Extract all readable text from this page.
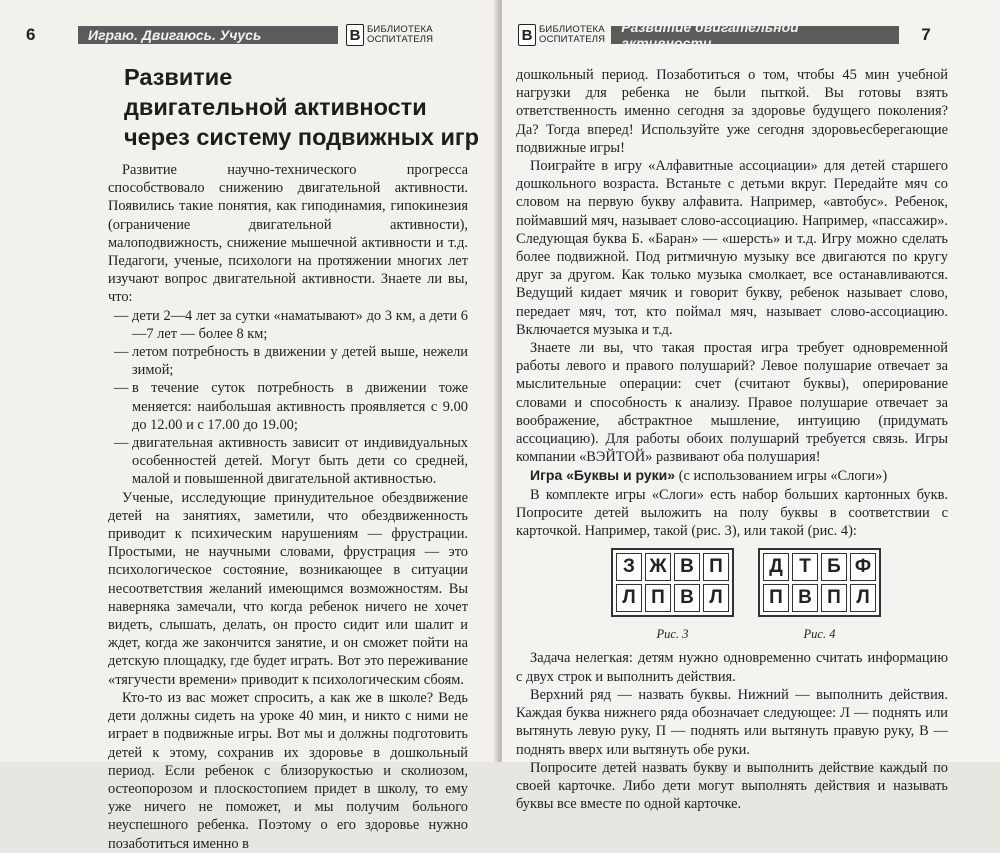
6	Играю. Двигаюсь. Учусь	В БИБЛИОТЕКА
ОСПИТАТЕЛЯ
Развитие
двигательной активности
через систему подвижных игр

Развитие научно-технического прогресса способствовало снижению двигательной активности. Появились такие понятия, как гиподинамия, гипокинезия (ограничение двигательной активности), малоподвижность, снижение мышечной активности и т.д. Педагоги, ученые, психологи на протяжении многих лет изучают вопрос двигательной активности. Знаете ли вы, что:

— дети 2—4 лет за сутки «наматывают» до 3 км, а дети 6—7 лет — более 8 км;
— летом потребность в движении у детей выше, нежели зимой;
— в течение суток потребность в движении тоже меняется: наибольшая активность проявляется с 9.00 до 12.00 и с 17.00 до 19.00;
— двигательная активность зависит от индивидуальных особенностей детей. Могут быть дети со средней, малой и повышенной двигательной активностью.

Ученые, исследующие принудительное обездвижение детей на занятиях, заметили, что обездвиженность приводит к психическим нарушениям — фрустрации. Простыми, не научными словами, фрустрация — это психологическое состояние, возникающее в ситуации несоответствия желаний имеющимся возможностям. Вы наверняка замечали, что когда ребенок ничего не хочет видеть, слышать, делать, он просто сидит или шалит и ждет, когда же закончится занятие, и он сможет пойти на детскую площадку, где будет играть. Вот это переживание «тягучести времени» приводит к психологическим сбоям.

Кто-то из вас может спросить, а как же в школе? Ведь дети должны сидеть на уроке 40 мин, и никто с ними не играет в подвижные игры. Вот мы и должны подготовить детей к этому, сохранив их здоровье в дошкольный период. Если ребенок с близорукостью и сколиозом, остеопорозом и плоскостопием придет в школу, то ему уже ничего не поможет, и мы получим больного неуспешного ребенка. Поэтому о его здоровье нужно позаботиться именно в

В БИБЛИОТЕКА
ОСПИТАТЕЛЯ
Развитие двигательной активности	7

дошкольный период. Позаботиться о том, чтобы 45 мин учебной нагрузки для ребенка не были пыткой. Вы готовы взять ответственность именно сегодня за здоровье будущего поколения? Да? Тогда вперед! Используйте уже сегодня здоровьесберегающие подвижные игры!

Поиграйте в игру «Алфавитные ассоциации» для детей старшего дошкольного возраста. Встаньте с детьми вкруг. Передайте мяч со словом на первую букву алфавита. Например, «автобус». Ребенок, поймавший мяч, называет слово-ассоциацию. Например, «пассажир». Следующая буква Б. «Баран» — «шерсть» и т.д. Игру можно сделать более подвижной. Под ритмичную музыку все двигаются по кругу друг за другом. Как только музыка смолкает, все останавливаются. Ведущий кидает мячик и говорит букву, ребенок называет слово, передает мяч, тот, кто поймал мяч, называет слово-ассоциацию. Включается музыка и т.д.

Знаете ли вы, что такая простая игра требует одновременной работы левого и правого полушарий? Левое полушарие отвечает за мыслительные операции: счет (считают буквы), оперирование словами и способность к анализу. Правое полушарие отвечает за воображение, абстрактное мышление, интуицию (придумать ассоциацию). Для работы обоих полушарий требуется связь. Игры компании «ВЭЙТОЙ» развивают оба полушария!

Игра «Буквы и руки» (с использованием игры «Слоги»)

В комплекте игры «Слоги» есть набор больших картонных букв. Попросите детей выложить на полу буквы в соответствии с карточкой. Например, такой (рис. 3), или такой (рис. 4):

З Ж В П
Л П В Л
Рис. 3
Д Т Б Ф
П В П Л
Рис. 4

Задача нелегкая: детям нужно одновременно считать информацию с двух строк и выполнить действия.

Верхний ряд — назвать буквы. Нижний — выполнить действия. Каждая буква нижнего ряда обозначает следующее: Л — поднять или вытянуть левую руку, П — поднять или вытянуть правую руку, В — поднять вверх или вытянуть обе руки.

Попросите детей назвать букву и выполнить действие каждый по своей карточке. Либо дети могут выполнять действия и называть буквы все вместе по одной карточке.
